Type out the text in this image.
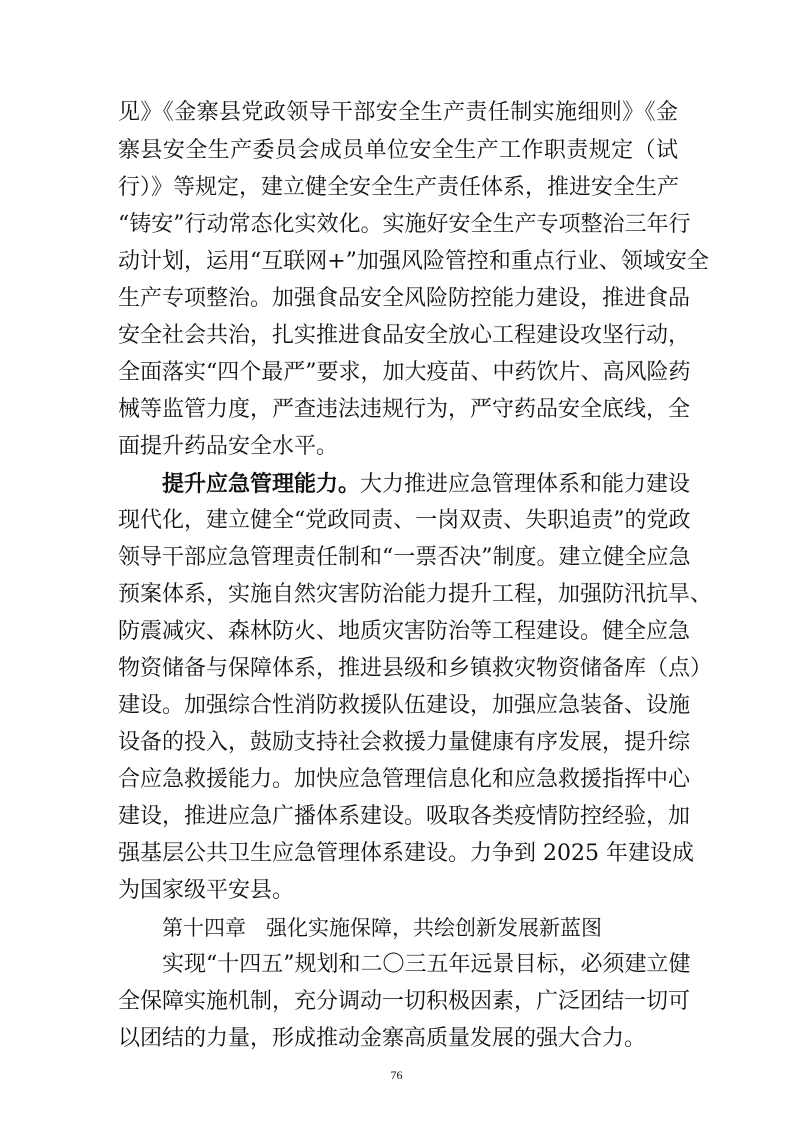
见》《金寨县党政领导干部安全生产责任制实施细则》《金
寨县安全生产委员会成员单位安全生产工作职责规定（试
行）》等规定，建立健全安全生产责任体系，推进安全生产
“铸安”行动常态化实效化。实施好安全生产专项整治三年行
动计划，运用“互联网+”加强风险管控和重点行业、领域安全
生产专项整治。加强食品安全风险防控能力建设，推进食品
安全社会共治，扎实推进食品安全放心工程建设攻坚行动，
全面落实“四个最严”要求，加大疫苗、中药饮片、高风险药
械等监管力度，严查违法违规行为，严守药品安全底线，全
面提升药品安全水平。
提升应急管理能力。大力推进应急管理体系和能力建设
现代化，建立健全“党政同责、一岗双责、失职追责”的党政
领导干部应急管理责任制和“一票否决”制度。建立健全应急
预案体系，实施自然灾害防治能力提升工程，加强防汛抗旱、
防震减灾、森林防火、地质灾害防治等工程建设。健全应急
物资储备与保障体系，推进县级和乡镇救灾物资储备库（点）
建设。加强综合性消防救援队伍建设，加强应急装备、设施
设备的投入，鼓励支持社会救援力量健康有序发展，提升综
合应急救援能力。加快应急管理信息化和应急救援指挥中心
建设，推进应急广播体系建设。吸取各类疫情防控经验，加
强基层公共卫生应急管理体系建设。力争到 2025 年建设成
为国家级平安县。
第十四章 强化实施保障，共绘创新发展新蓝图
实现“十四五”规划和二〇三五年远景目标，必须建立健
全保障实施机制，充分调动一切积极因素，广泛团结一切可
以团结的力量，形成推动金寨高质量发展的强大合力。
76
